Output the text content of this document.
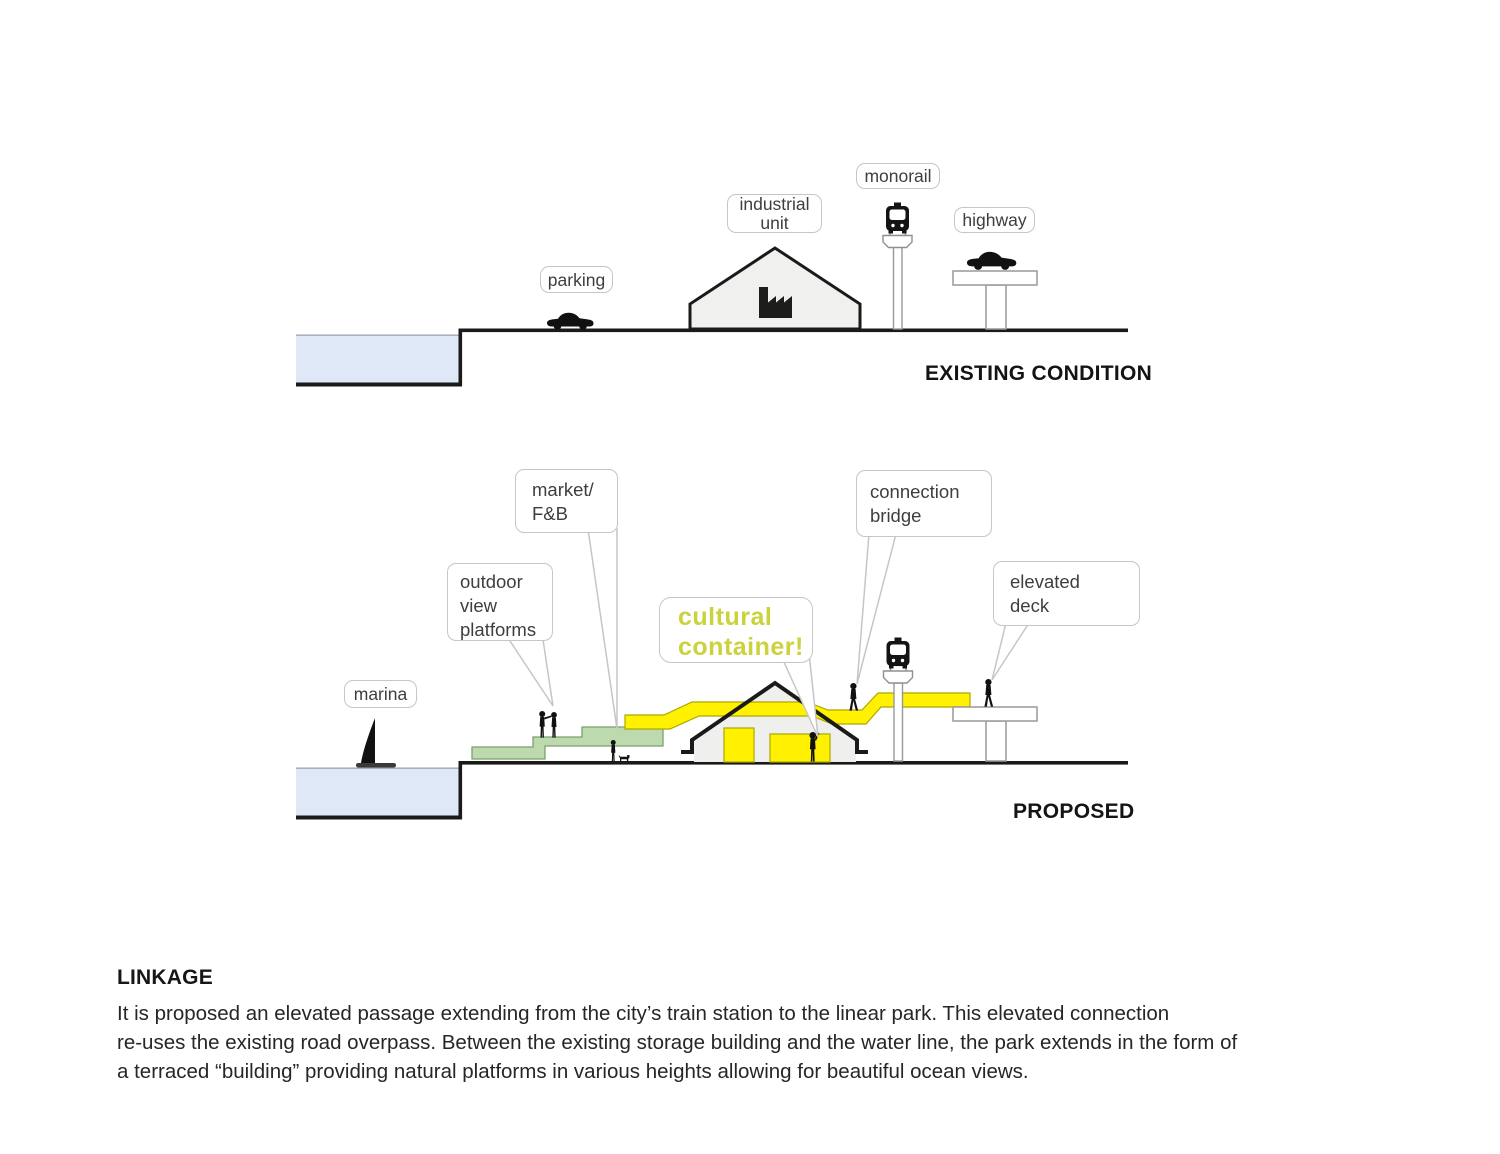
parking
industrial
unit
monorail
highway
EXISTING CONDITION
marina
outdoor
view
platforms
market/
F&B
cultural
container!
connection
bridge
elevated
deck
PROPOSED
LINKAGE
It is proposed an elevated passage extending from the city’s train station to the linear park. This elevated connection
re-uses the existing road overpass. Between the existing storage building and the water line, the park extends in the form of
a terraced “building” providing natural platforms in various heights allowing for beautiful ocean views.
